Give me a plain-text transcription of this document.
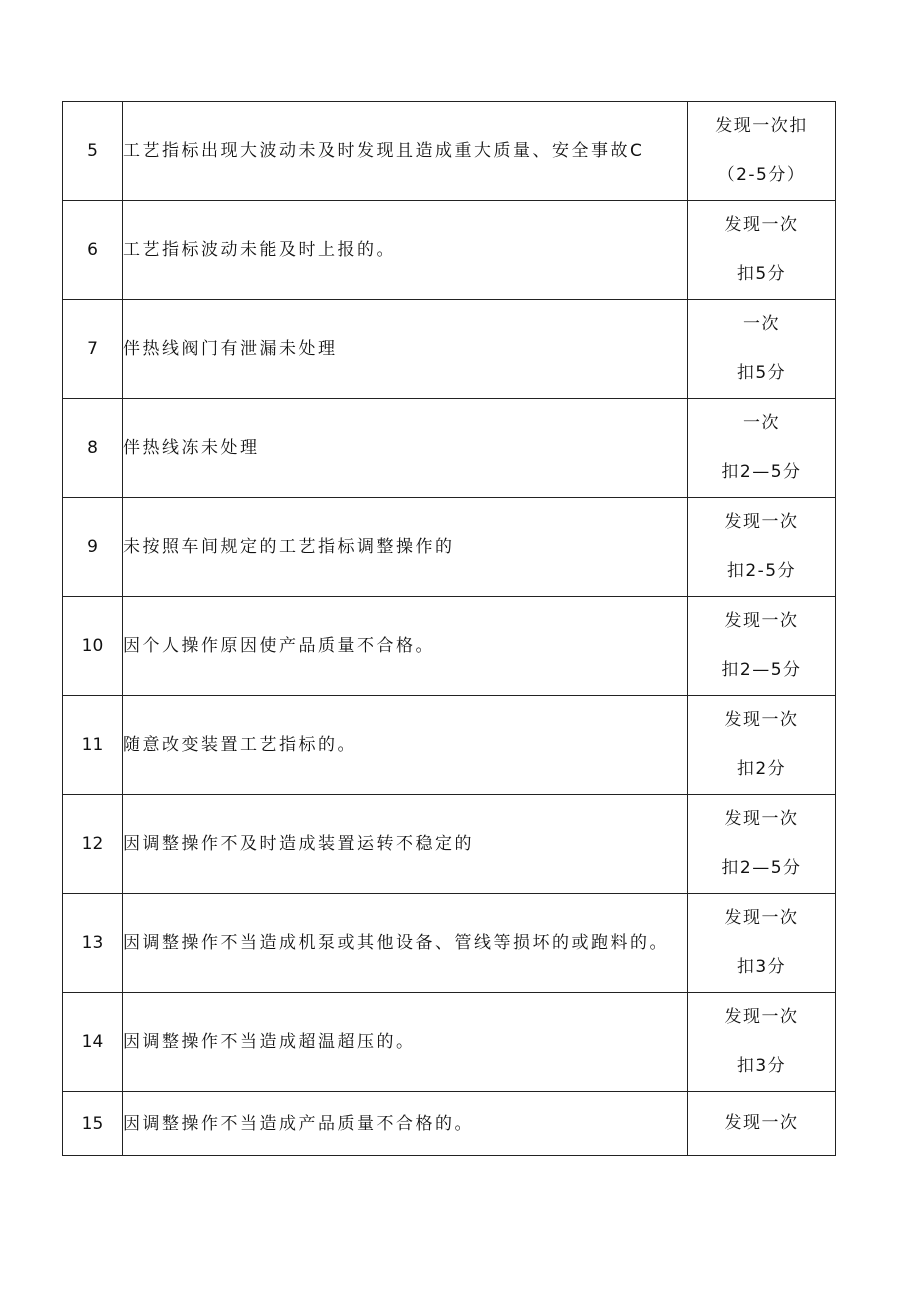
5	工艺指标出现大波动未及时发现且造成重大质量、安全事故C	发现一次扣
（2-5分）

6	工艺指标波动未能及时上报的。	发现一次
扣5分

7	伴热线阀门有泄漏未处理	一次
扣5分

8	伴热线冻未处理	一次
扣2—5分

9	未按照车间规定的工艺指标调整操作的	发现一次
扣2-5分

10	因个人操作原因使产品质量不合格。	发现一次
扣2—5分

11	随意改变装置工艺指标的。	发现一次
扣2分

12	因调整操作不及时造成装置运转不稳定的	发现一次
扣2—5分

13	因调整操作不当造成机泵或其他设备、管线等损坏的或跑料的。	发现一次
扣3分

14	因调整操作不当造成超温超压的。	发现一次
扣3分

15	因调整操作不当造成产品质量不合格的。	发现一次
